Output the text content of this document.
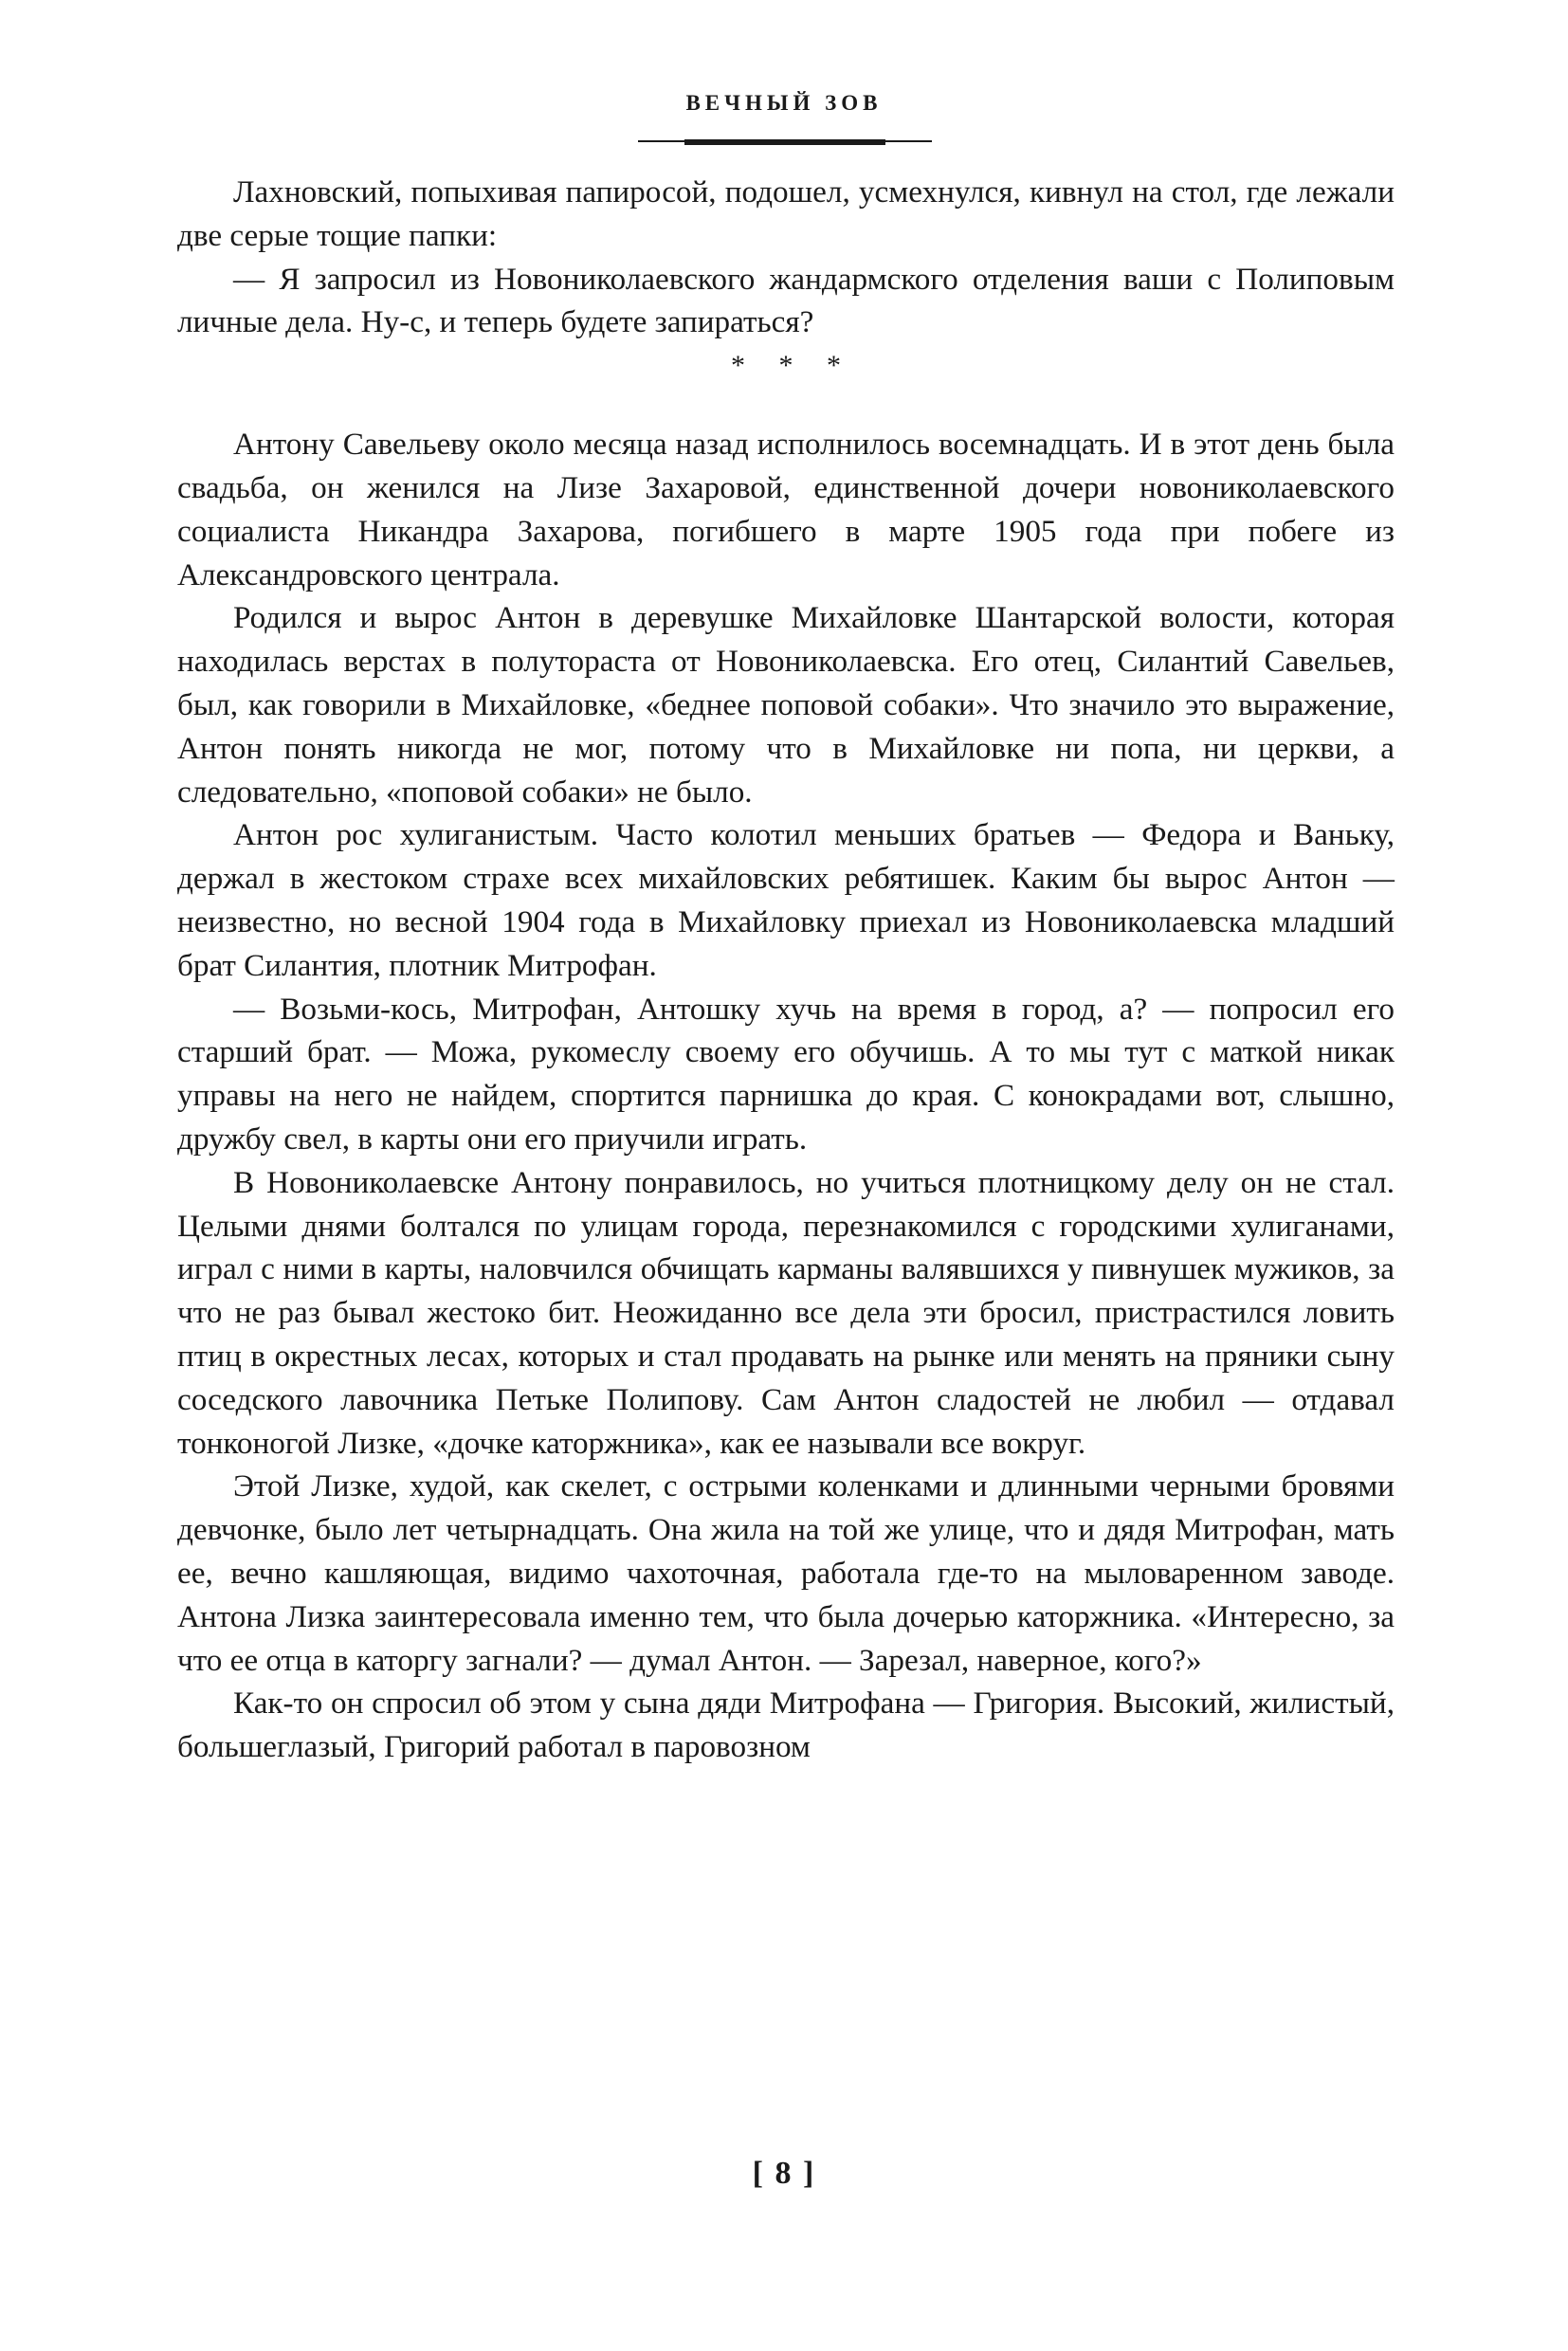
ВЕЧНЫЙ ЗОВ

Лахновский, попыхивая папиросой, подошел, усмехнулся, кивнул на стол, где лежали две серые тощие папки:

— Я запросил из Новониколаевского жандармского отделения ваши с Полиповым личные дела. Ну-с, и теперь будете запираться?

* * *

Антону Савельеву около месяца назад исполнилось восемнадцать. И в этот день была свадьба, он женился на Лизе Захаровой, единственной дочери новониколаевского социалиста Никандра Захарова, погибшего в марте 1905 года при побеге из Александровского централа.

Родился и вырос Антон в деревушке Михайловке Шантарской волости, которая находилась верстах в полутораста от Новониколаевска. Его отец, Силантий Савельев, был, как говорили в Михайловке, «беднее поповой собаки». Что значило это выражение, Антон понять никогда не мог, потому что в Михайловке ни попа, ни церкви, а следовательно, «поповой собаки» не было.

Антон рос хулиганистым. Часто колотил меньших братьев — Федора и Ваньку, держал в жестоком страхе всех михайловских ребятишек. Каким бы вырос Антон — неизвестно, но весной 1904 года в Михайловку приехал из Новониколаевска младший брат Силантия, плотник Митрофан.

— Возьми-кось, Митрофан, Антошку хучь на время в город, а? — попросил его старший брат. — Можа, рукомеслу своему его обучишь. А то мы тут с маткой никак управы на него не найдем, спортится парнишка до края. С конокрадами вот, слышно, дружбу свел, в карты они его приучили играть.

В Новониколаевске Антону понравилось, но учиться плотницкому делу он не стал. Целыми днями болтался по улицам города, перезнакомился с городскими хулиганами, играл с ними в карты, наловчился обчищать карманы валявшихся у пивнушек мужиков, за что не раз бывал жестоко бит. Неожиданно все дела эти бросил, пристрастился ловить птиц в окрестных лесах, которых и стал продавать на рынке или менять на пряники сыну соседского лавочника Петьке Полипову. Сам Антон сладостей не любил — отдавал тонконогой Лизке, «дочке каторжника», как ее называли все вокруг.

Этой Лизке, худой, как скелет, с острыми коленками и длинными черными бровями девчонке, было лет четырнадцать. Она жила на той же улице, что и дядя Митрофан, мать ее, вечно кашляющая, видимо чахоточная, работала где-то на мыловаренном заводе. Антона Лизка заинтересовала именно тем, что была дочерью каторжника. «Интересно, за что ее отца в каторгу загнали? — думал Антон. — Зарезал, наверное, кого?»

Как-то он спросил об этом у сына дяди Митрофана — Григория. Высокий, жилистый, большеглазый, Григорий работал в паровозном

[ 8 ]
